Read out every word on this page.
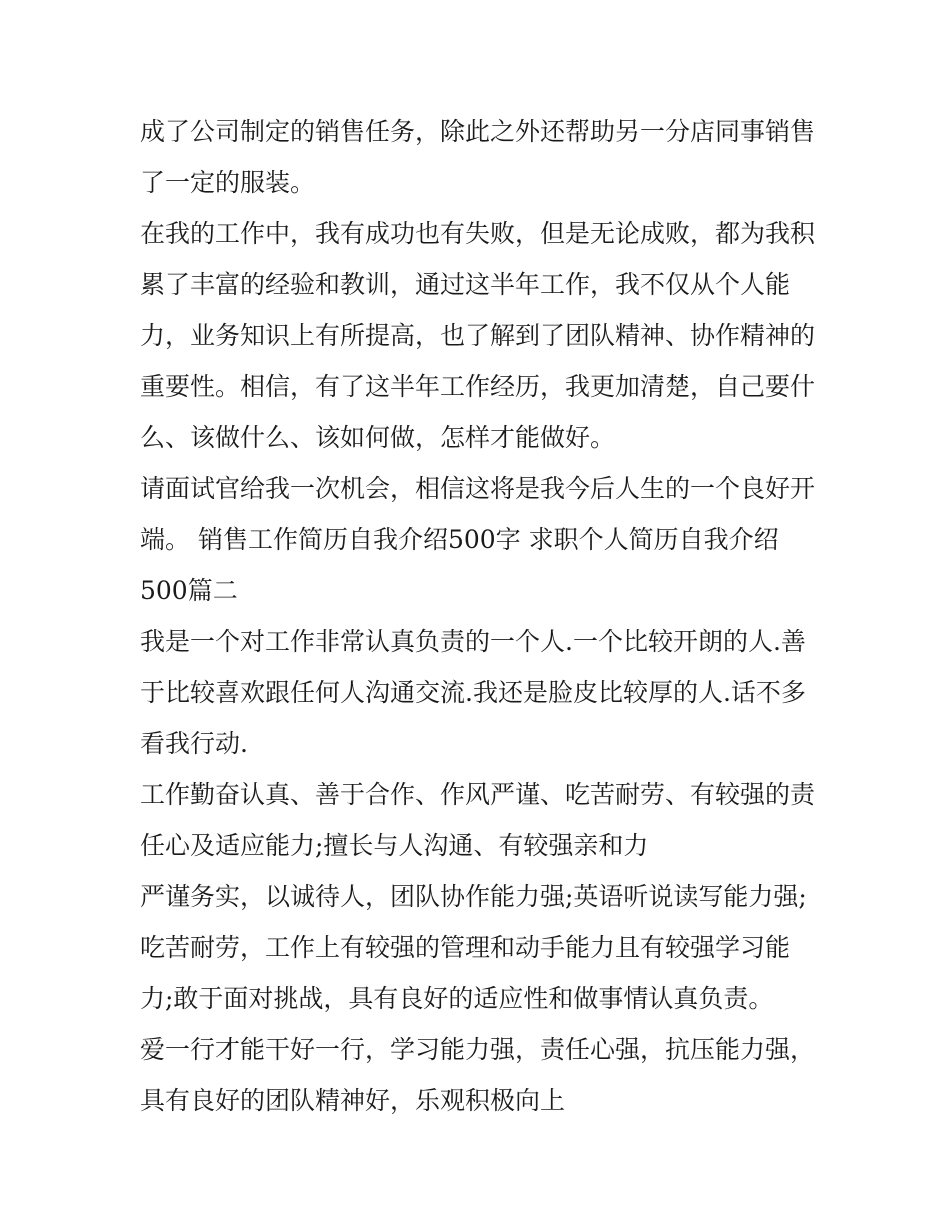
成了公司制定的销售任务，除此之外还帮助另一分店同事销售
了一定的服装。
在我的工作中，我有成功也有失败，但是无论成败，都为我积
累了丰富的经验和教训，通过这半年工作，我不仅从个人能
力，业务知识上有所提高，也了解到了团队精神、协作精神的
重要性。相信，有了这半年工作经历，我更加清楚，自己要什
么、该做什么、该如何做，怎样才能做好。
请面试官给我一次机会，相信这将是我今后人生的一个良好开
端。 销售工作简历自我介绍500字 求职个人简历自我介绍
500篇二
我是一个对工作非常认真负责的一个人.一个比较开朗的人.善
于比较喜欢跟任何人沟通交流.我还是脸皮比较厚的人.话不多
看我行动.
工作勤奋认真、善于合作、作风严谨、吃苦耐劳、有较强的责
任心及适应能力;擅长与人沟通、有较强亲和力
严谨务实，以诚待人，团队协作能力强;英语听说读写能力强;
吃苦耐劳，工作上有较强的管理和动手能力且有较强学习能
力;敢于面对挑战，具有良好的适应性和做事情认真负责。
爱一行才能干好一行，学习能力强，责任心强，抗压能力强，
具有良好的团队精神好，乐观积极向上
